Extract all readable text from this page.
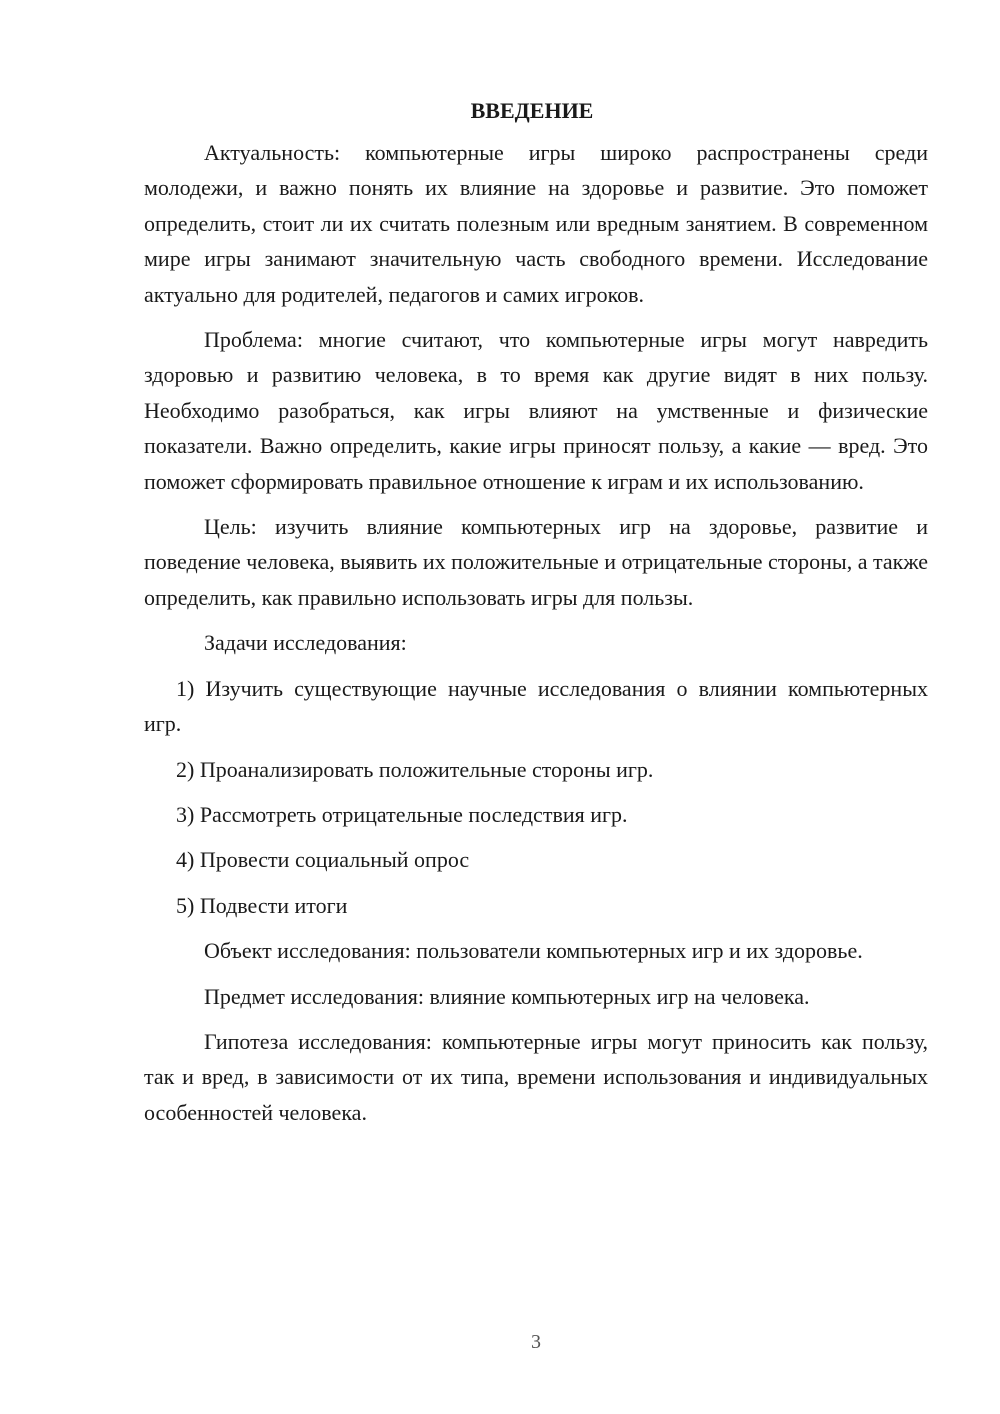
ВВЕДЕНИЕ

Актуальность: компьютерные игры широко распространены среди молодежи, и важно понять их влияние на здоровье и развитие. Это поможет определить, стоит ли их считать полезным или вредным занятием. В современном мире игры занимают значительную часть свободного времени. Исследование актуально для родителей, педагогов и самих игроков.

Проблема: многие считают, что компьютерные игры могут навредить здоровью и развитию человека, в то время как другие видят в них пользу. Необходимо разобраться, как игры влияют на умственные и физические показатели. Важно определить, какие игры приносят пользу, а какие — вред. Это поможет сформировать правильное отношение к играм и их использованию.

Цель: изучить влияние компьютерных игр на здоровье, развитие и поведение человека, выявить их положительные и отрицательные стороны, а также определить, как правильно использовать игры для пользы.

Задачи исследования:

1) Изучить существующие научные исследования о влиянии компьютерных игр.

2) Проанализировать положительные стороны игр.

3) Рассмотреть отрицательные последствия игр.

4) Провести социальный опрос

5) Подвести итоги

Объект исследования: пользователи компьютерных игр и их здоровье.

Предмет исследования: влияние компьютерных игр на человека.

Гипотеза исследования: компьютерные игры могут приносить как пользу, так и вред, в зависимости от их типа, времени использования и индивидуальных особенностей человека.

3
